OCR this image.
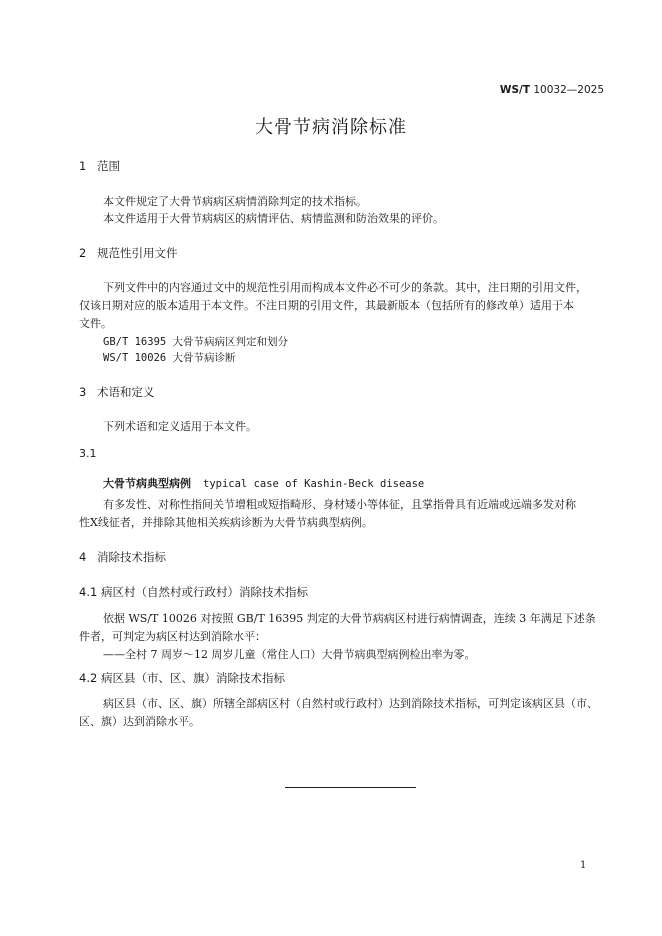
WS/T 10032—2025
大骨节病消除标准
1 范围
本文件规定了大骨节病病区病情消除判定的技术指标。
本文件适用于大骨节病病区的病情评估、病情监测和防治效果的评价。
2 规范性引用文件
下列文件中的内容通过文中的规范性引用而构成本文件必不可少的条款。其中，注日期的引用文件，
仅该日期对应的版本适用于本文件。不注日期的引用文件，其最新版本（包括所有的修改单）适用于本
文件。
GB/T 16395 大骨节病病区判定和划分
WS/T 10026 大骨节病诊断
3 术语和定义
下列术语和定义适用于本文件。
3.1
大骨节病典型病例 typical case of Kashin-Beck disease
有多发性、对称性指间关节增粗或短指畸形、身材矮小等体征，且掌指骨具有近端或远端多发对称
性X线征者，并排除其他相关疾病诊断为大骨节病典型病例。
4 消除技术指标
4.1 病区村（自然村或行政村）消除技术指标
依据 WS/T 10026 对按照 GB/T 16395 判定的大骨节病病区村进行病情调查，连续 3 年满足下述条
件者，可判定为病区村达到消除水平：
——全村 7 周岁～12 周岁儿童（常住人口）大骨节病典型病例检出率为零。
4.2 病区县（市、区、旗）消除技术指标
病区县（市、区、旗）所辖全部病区村（自然村或行政村）达到消除技术指标，可判定该病区县（市、
区、旗）达到消除水平。
1
